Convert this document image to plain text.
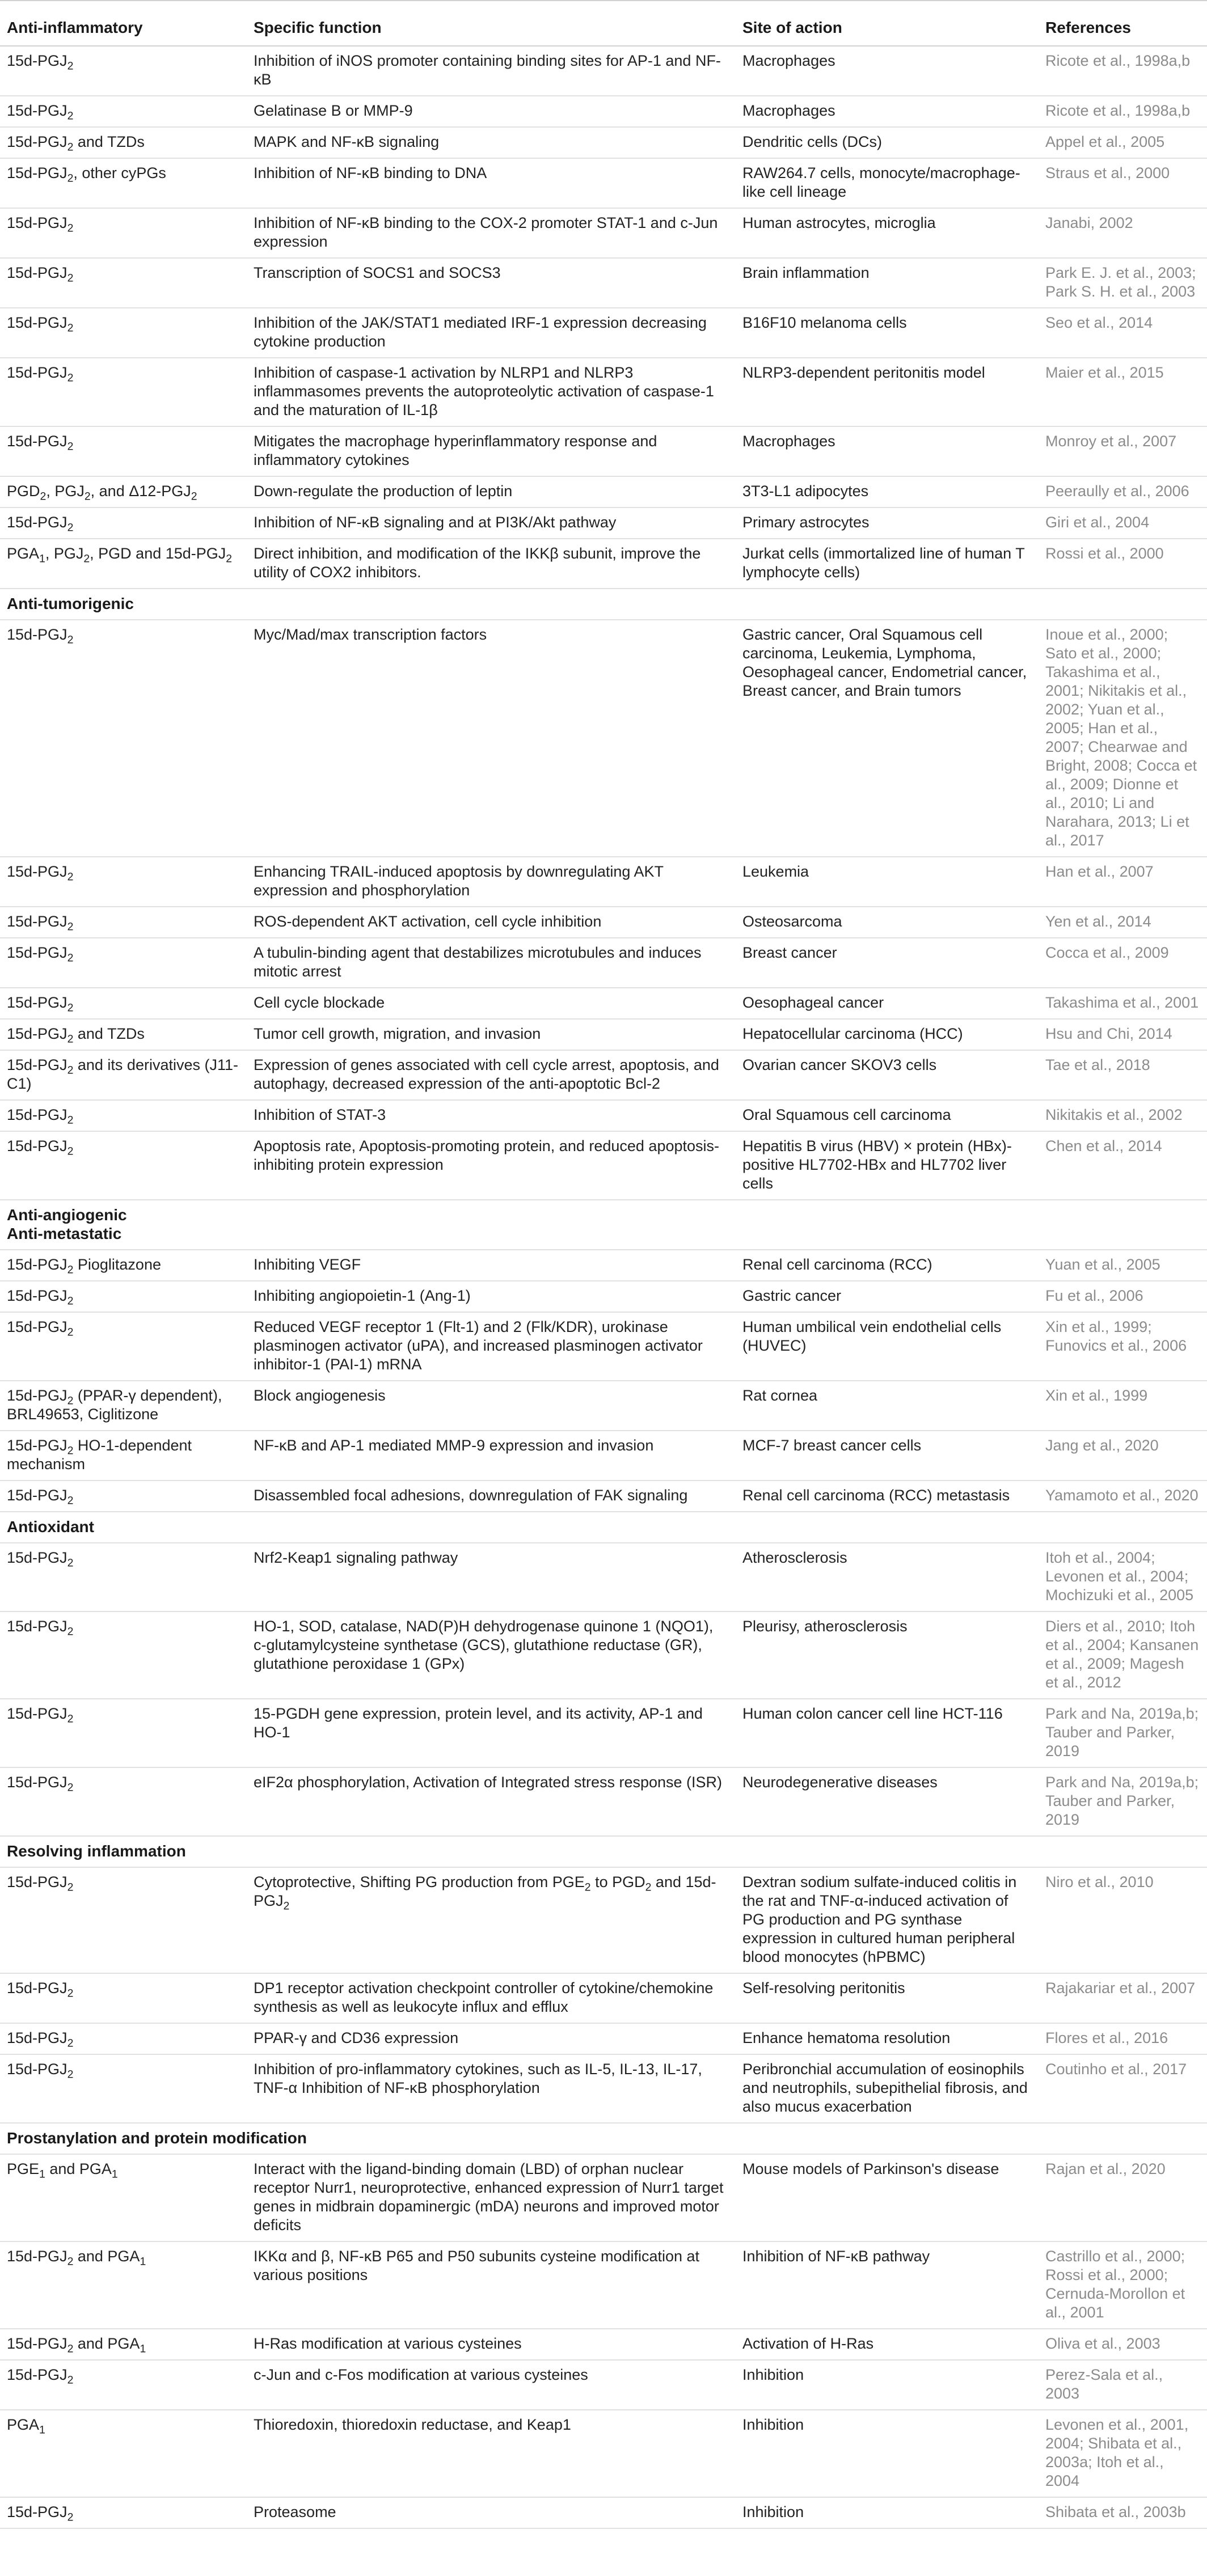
Anti-inflammatory	Specific function	Site of action	References
$15d-PGJ_2$	Inhibition of iNOS promoter containing binding sites for AP-1 and NF-κB	Macrophages	Ricote et al., 1998a,b
$15d-PGJ_2$	Gelatinase B or MMP-9	Macrophages	Ricote et al., 1998a,b
$15d-PGJ_2$ and TZDs	MAPK and NF-κB signaling	Dendritic cells (DCs)	Appel et al., 2005
$15d-PGJ_2$, other cyPGs	Inhibition of NF-κB binding to DNA	RAW264.7 cells, monocyte/macrophage-like cell lineage	Straus et al., 2000
$15d-PGJ_2$	Inhibition of NF-κB binding to the COX-2 promoter STAT-1 and c-Jun expression	Human astrocytes, microglia	Janabi, 2002
$15d-PGJ_2$	Transcription of SOCS1 and SOCS3	Brain inflammation	Park E. J. et al., 2003; Park S. H. et al., 2003
$15d-PGJ_2$	Inhibition of the JAK/STAT1 mediated IRF-1 expression decreasing cytokine production	B16F10 melanoma cells	Seo et al., 2014
$15d-PGJ_2$	Inhibition of caspase-1 activation by NLRP1 and NLRP3 inflammasomes prevents the autoproteolytic activation of caspase-1 and the maturation of IL-1β	NLRP3-dependent peritonitis model	Maier et al., 2015
$15d-PGJ_2$	Mitigates the macrophage hyperinflammatory response and inflammatory cytokines	Macrophages	Monroy et al., 2007
$PGD_2$, $PGJ_2$, and $\Delta 12-PGJ_2$	Down-regulate the production of leptin	3T3-L1 adipocytes	Peeraully et al., 2006
$15d-PGJ_2$	Inhibition of NF-κB signaling and at PI3K/Akt pathway	Primary astrocytes	Giri et al., 2004
$PGA_1$, $PGJ_2$, PGD and $15d-PGJ_2$	Direct inhibition, and modification of the IKKβ subunit, improve the utility of COX2 inhibitors.	Jurkat cells (immortalized line of human T lymphocyte cells)	Rossi et al., 2000

Anti-tumorigenic			

$15d-PGJ_2$	Myc/Mad/max transcription factors	Gastric cancer, Oral Squamous cell carcinoma, Leukemia, Lymphoma, Oesophageal cancer, Endometrial cancer, Breast cancer, and Brain tumors	Inoue et al., 2000; Sato et al., 2000; Takashima et al., 2001; Nikitakis et al., 2002; Yuan et al., 2005; Han et al., 2007; Chearwae and Bright, 2008; Cocca et al., 2009; Dionne et al., 2010; Li and Narahara, 2013; Li et al., 2017
$15d-PGJ_2$	Enhancing TRAIL-induced apoptosis by downregulating AKT expression and phosphorylation	Leukemia	Han et al., 2007
$15d-PGJ_2$	ROS-dependent AKT activation, cell cycle inhibition	Osteosarcoma	Yen et al., 2014
$15d-PGJ_2$	A tubulin-binding agent that destabilizes microtubules and induces mitotic arrest	Breast cancer	Cocca et al., 2009
$15d-PGJ_2$	Cell cycle blockade	Oesophageal cancer	Takashima et al., 2001
$15d-PGJ_2$ and TZDs	Tumor cell growth, migration, and invasion	Hepatocellular carcinoma (HCC)	Hsu and Chi, 2014
$15d-PGJ_2$ and its derivatives (J11-C1)	Expression of genes associated with cell cycle arrest, apoptosis, and autophagy, decreased expression of the anti-apoptotic Bcl-2	Ovarian cancer SKOV3 cells	Tae et al., 2018
$15d-PGJ_2$	Inhibition of STAT-3	Oral Squamous cell carcinoma	Nikitakis et al., 2002
$15d-PGJ_2$	Apoptosis rate, Apoptosis-promoting protein, and reduced apoptosis-inhibiting protein expression	Hepatitis B virus (HBV) × protein (HBx)-positive HL7702-HBx and HL7702 liver cells	Chen et al., 2014

Anti-angiogenic
Anti-metastatic			

$15d-PGJ_2$ Pioglitazone	Inhibiting VEGF	Renal cell carcinoma (RCC)	Yuan et al., 2005
$15d-PGJ_2$	Inhibiting angiopoietin-1 (Ang-1)	Gastric cancer	Fu et al., 2006
$15d-PGJ_2$	Reduced VEGF receptor 1 (Flt-1) and 2 (Flk/KDR), urokinase plasminogen activator (uPA), and increased plasminogen activator inhibitor-1 (PAI-1) mRNA	Human umbilical vein endothelial cells (HUVEC)	Xin et al., 1999; Funovics et al., 2006
$15d-PGJ_2$ (PPAR-γ dependent), BRL49653, Ciglitizone	Block angiogenesis	Rat cornea	Xin et al., 1999
$15d-PGJ_2$ HO-1-dependent mechanism	NF-κB and AP-1 mediated MMP-9 expression and invasion	MCF-7 breast cancer cells	Jang et al., 2020
$15d-PGJ_2$	Disassembled focal adhesions, downregulation of FAK signaling	Renal cell carcinoma (RCC) metastasis	Yamamoto et al., 2020

Antioxidant			

$15d-PGJ_2$	Nrf2-Keap1 signaling pathway	Atherosclerosis	Itoh et al., 2004; Levonen et al., 2004; Mochizuki et al., 2005
$15d-PGJ_2$	HO-1, SOD, catalase, NAD(P)H dehydrogenase quinone 1 (NQO1), c-glutamylcysteine synthetase (GCS), glutathione reductase (GR), glutathione peroxidase 1 (GPx)	Pleurisy, atherosclerosis	Diers et al., 2010; Itoh et al., 2004; Kansanen et al., 2009; Magesh et al., 2012
$15d-PGJ_2$	15-PGDH gene expression, protein level, and its activity, AP-1 and HO-1	Human colon cancer cell line HCT-116	Park and Na, 2019a,b; Tauber and Parker, 2019
$15d-PGJ_2$	eIF2α phosphorylation, Activation of Integrated stress response (ISR)	Neurodegenerative diseases	Park and Na, 2019a,b; Tauber and Parker, 2019

Resolving inflammation			

$15d-PGJ_2$	Cytoprotective, Shifting PG production from $PGE_2$ to $PGD_2$ and $15d-PGJ_2$	Dextran sodium sulfate-induced colitis in the rat and TNF-α-induced activation of PG production and PG synthase expression in cultured human peripheral blood monocytes (hPBMC)	Niro et al., 2010
$15d-PGJ_2$	DP1 receptor activation checkpoint controller of cytokine/chemokine synthesis as well as leukocyte influx and efflux	Self-resolving peritonitis	Rajakariar et al., 2007
$15d-PGJ_2$	PPAR-γ and CD36 expression	Enhance hematoma resolution	Flores et al., 2016
$15d-PGJ_2$	Inhibition of pro-inflammatory cytokines, such as IL-5, IL-13, IL-17, TNF-α Inhibition of NF-κB phosphorylation	Peribronchial accumulation of eosinophils and neutrophils, subepithelial fibrosis, and also mucus exacerbation	Coutinho et al., 2017

Prostanylation and protein modification			

$PGE_1$ and $PGA_1$	Interact with the ligand-binding domain (LBD) of orphan nuclear receptor Nurr1, neuroprotective, enhanced expression of Nurr1 target genes in midbrain dopaminergic (mDA) neurons and improved motor deficits	Mouse models of Parkinson's disease	Rajan et al., 2020
$15d-PGJ_2$ and $PGA_1$	IKKα and β, NF-κB P65 and P50 subunits cysteine modification at various positions	Inhibition of NF-κB pathway	Castrillo et al., 2000; Rossi et al., 2000; Cernuda-Morollon et al., 2001
$15d-PGJ_2$ and $PGA_1$	H-Ras modification at various cysteines	Activation of H-Ras	Oliva et al., 2003
$15d-PGJ_2$	c-Jun and c-Fos modification at various cysteines	Inhibition	Perez-Sala et al., 2003
$PGA_1$	Thioredoxin, thioredoxin reductase, and Keap1	Inhibition	Levonen et al., 2001, 2004; Shibata et al., 2003a; Itoh et al., 2004
$15d-PGJ_2$	Proteasome	Inhibition	Shibata et al., 2003b
